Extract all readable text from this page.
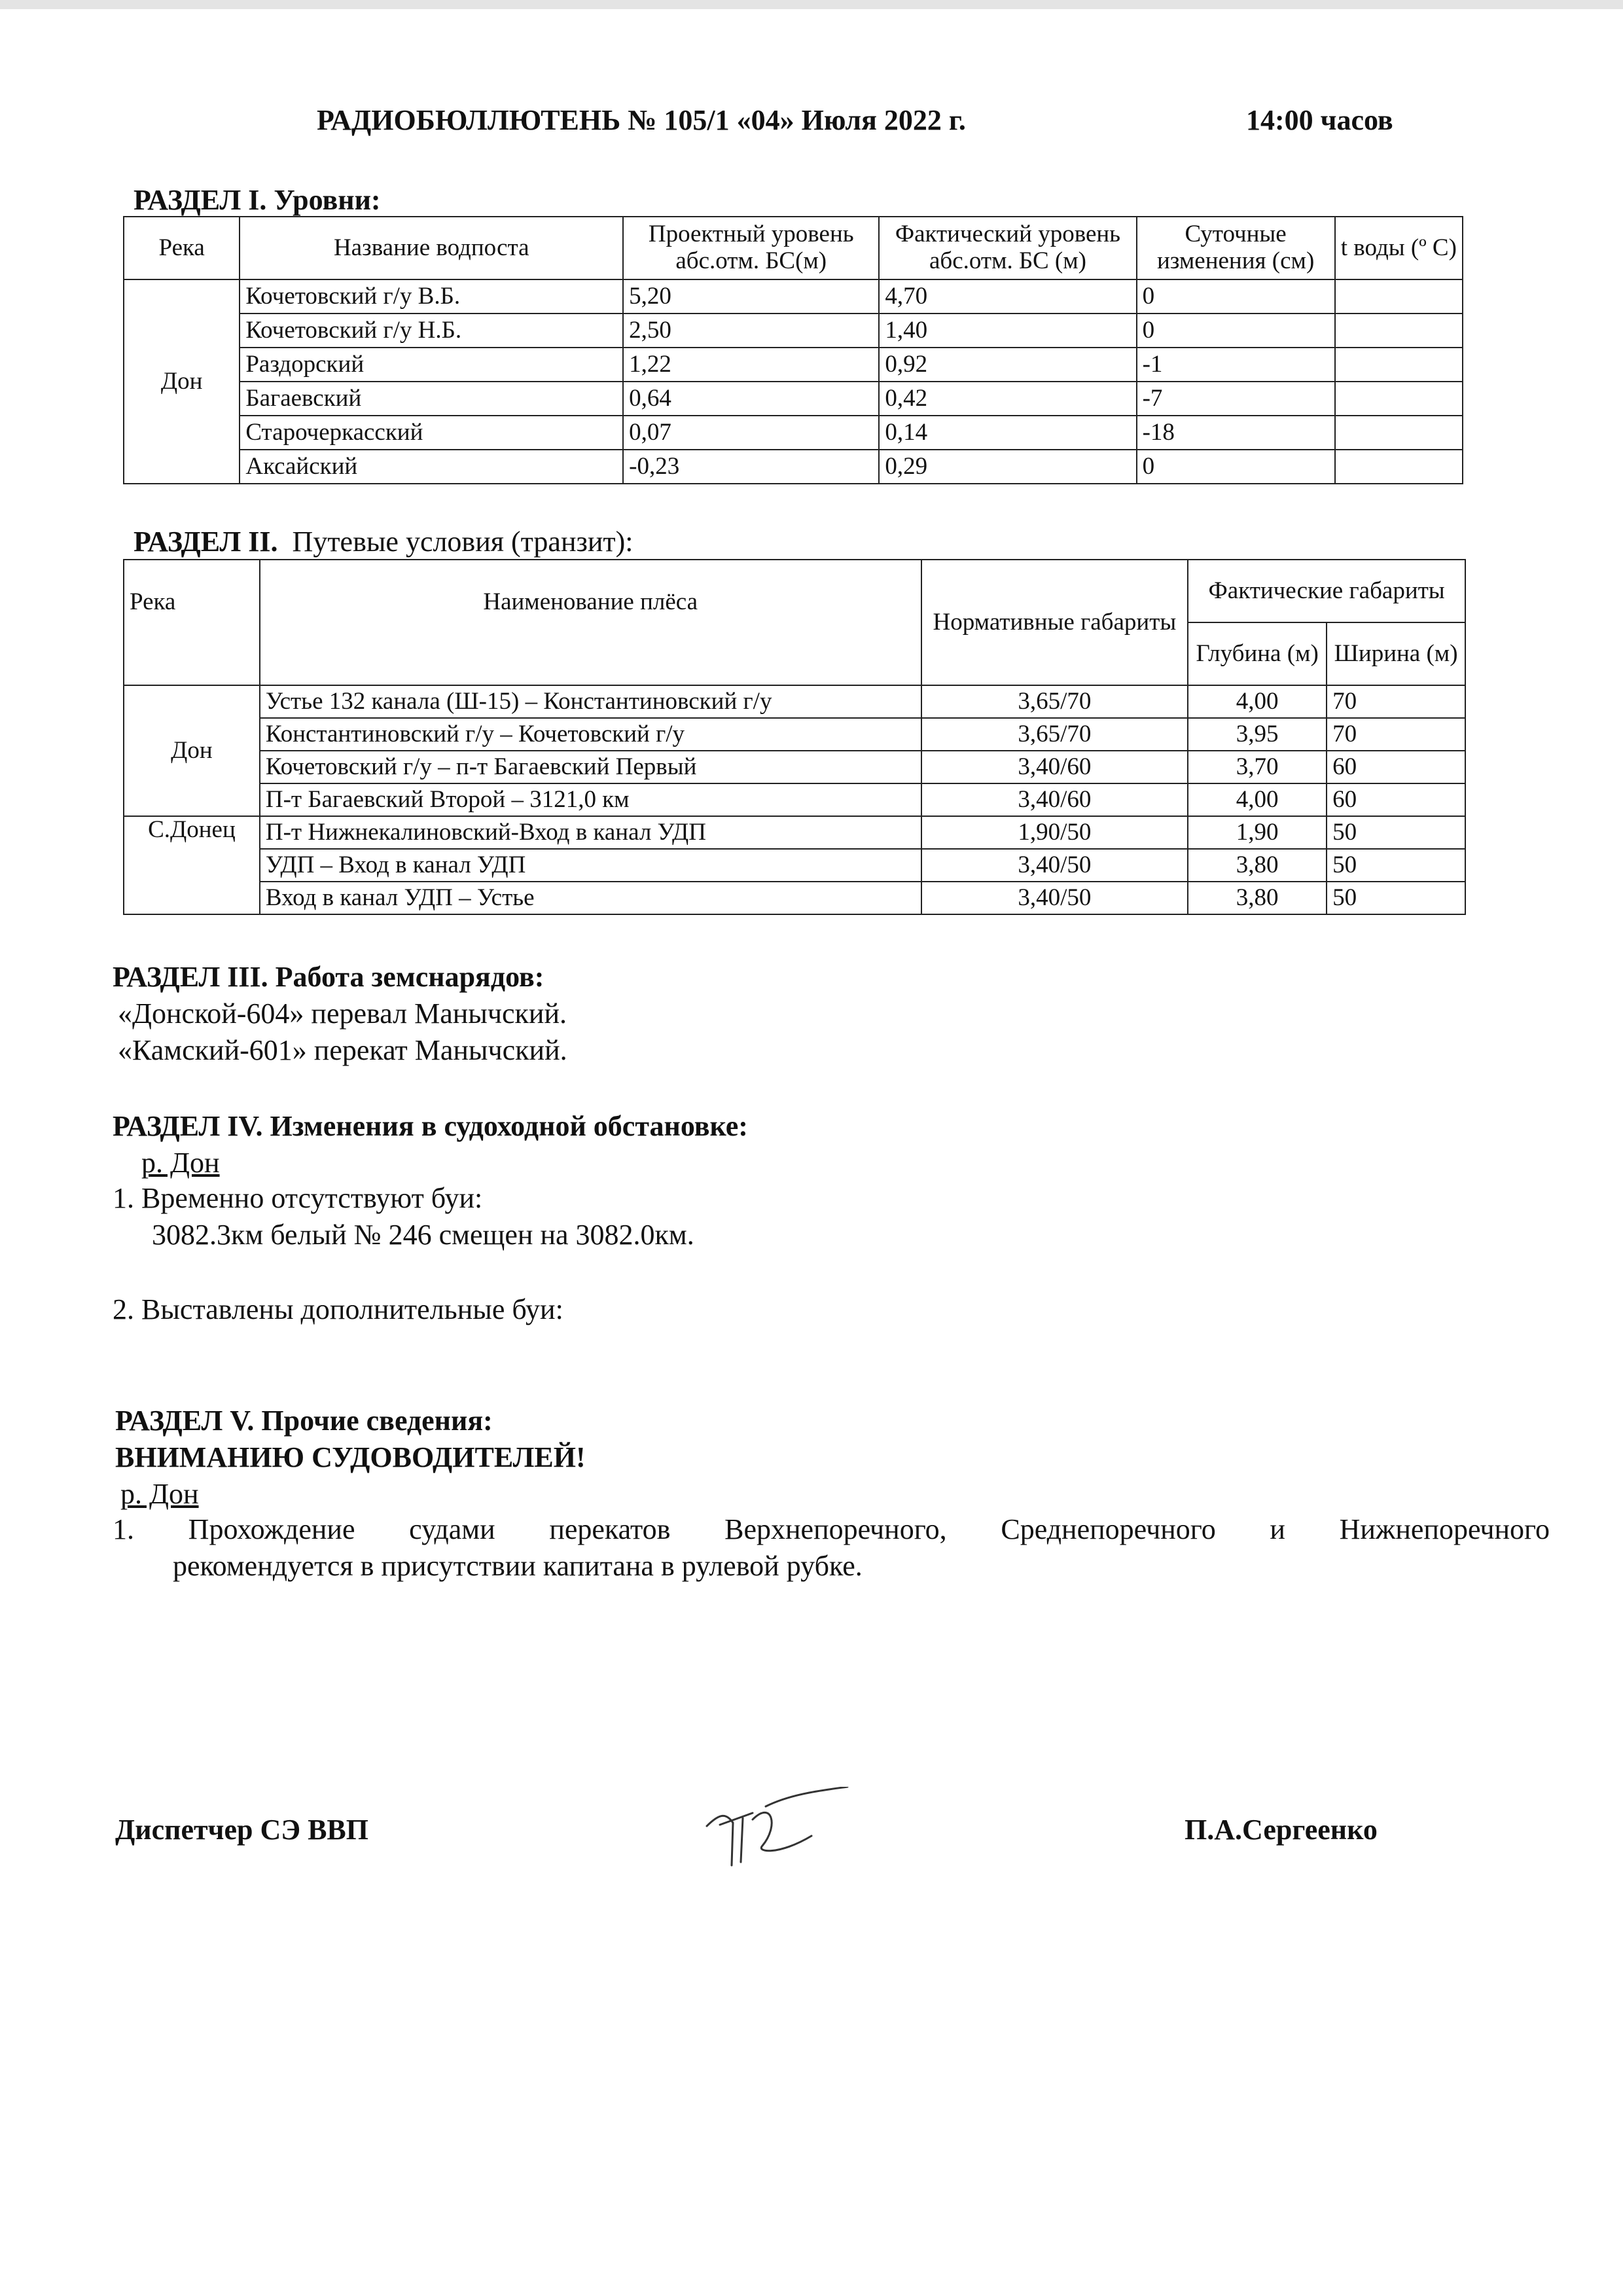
РАДИОБЮЛЛЮТЕНЬ № 105/1 «04» Июля 2022 г.	14:00 часов
РАЗДЕЛ I. Уровни:
Река	Название водпоста	Проектный уровень абс.отм. БС(м)	Фактический уровень абс.отм. БС (м)	Суточные изменения (см)	t воды (º С)
Дон	Кочетовский г/у В.Б.	5,20	4,70	0	
	Кочетовский г/у Н.Б.	2,50	1,40	0	
	Раздорский	1,22	0,92	-1	
	Багаевский	0,64	0,42	-7	
	Старочеркасский	0,07	0,14	-18	
	Аксайский	-0,23	0,29	0	
РАЗДЕЛ II. Путевые условия (транзит):
Река	Наименование плёса	Нормативные габариты	Фактические габариты	
			Глубина (м)	Ширина (м)
Дон	Устье 132 канала (Ш-15) – Константиновский г/у	3,65/70	4,00	70
	Константиновский г/у – Кочетовский г/у	3,65/70	3,95	70
	Кочетовский г/у – п-т Багаевский Первый	3,40/60	3,70	60
	П-т Багаевский Второй – 3121,0 км	3,40/60	4,00	60
С.Донец	П-т Нижнекалиновский-Вход в канал УДП	1,90/50	1,90	50
	УДП – Вход в канал УДП	3,40/50	3,80	50
	Вход в канал УДП – Устье	3,40/50	3,80	50
РАЗДЕЛ III. Работа земснарядов:
«Донской-604» перевал Манычский.
«Камский-601» перекат Манычский.
РАЗДЕЛ IV. Изменения в судоходной обстановке:
р. Дон
1. Временно отсутствуют буи:
3082.3км белый № 246 смещен на 3082.0км.
2. Выставлены дополнительные буи:
РАЗДЕЛ V. Прочие сведения:
ВНИМАНИЮ СУДОВОДИТЕЛЕЙ!
р. Дон
1. Прохождение судами перекатов Верхнепоречного, Среднепоречного и Нижнепоречного
рекомендуется в присутствии капитана в рулевой рубке.
Диспетчер СЭ ВВП	П.А.Сергеенко
